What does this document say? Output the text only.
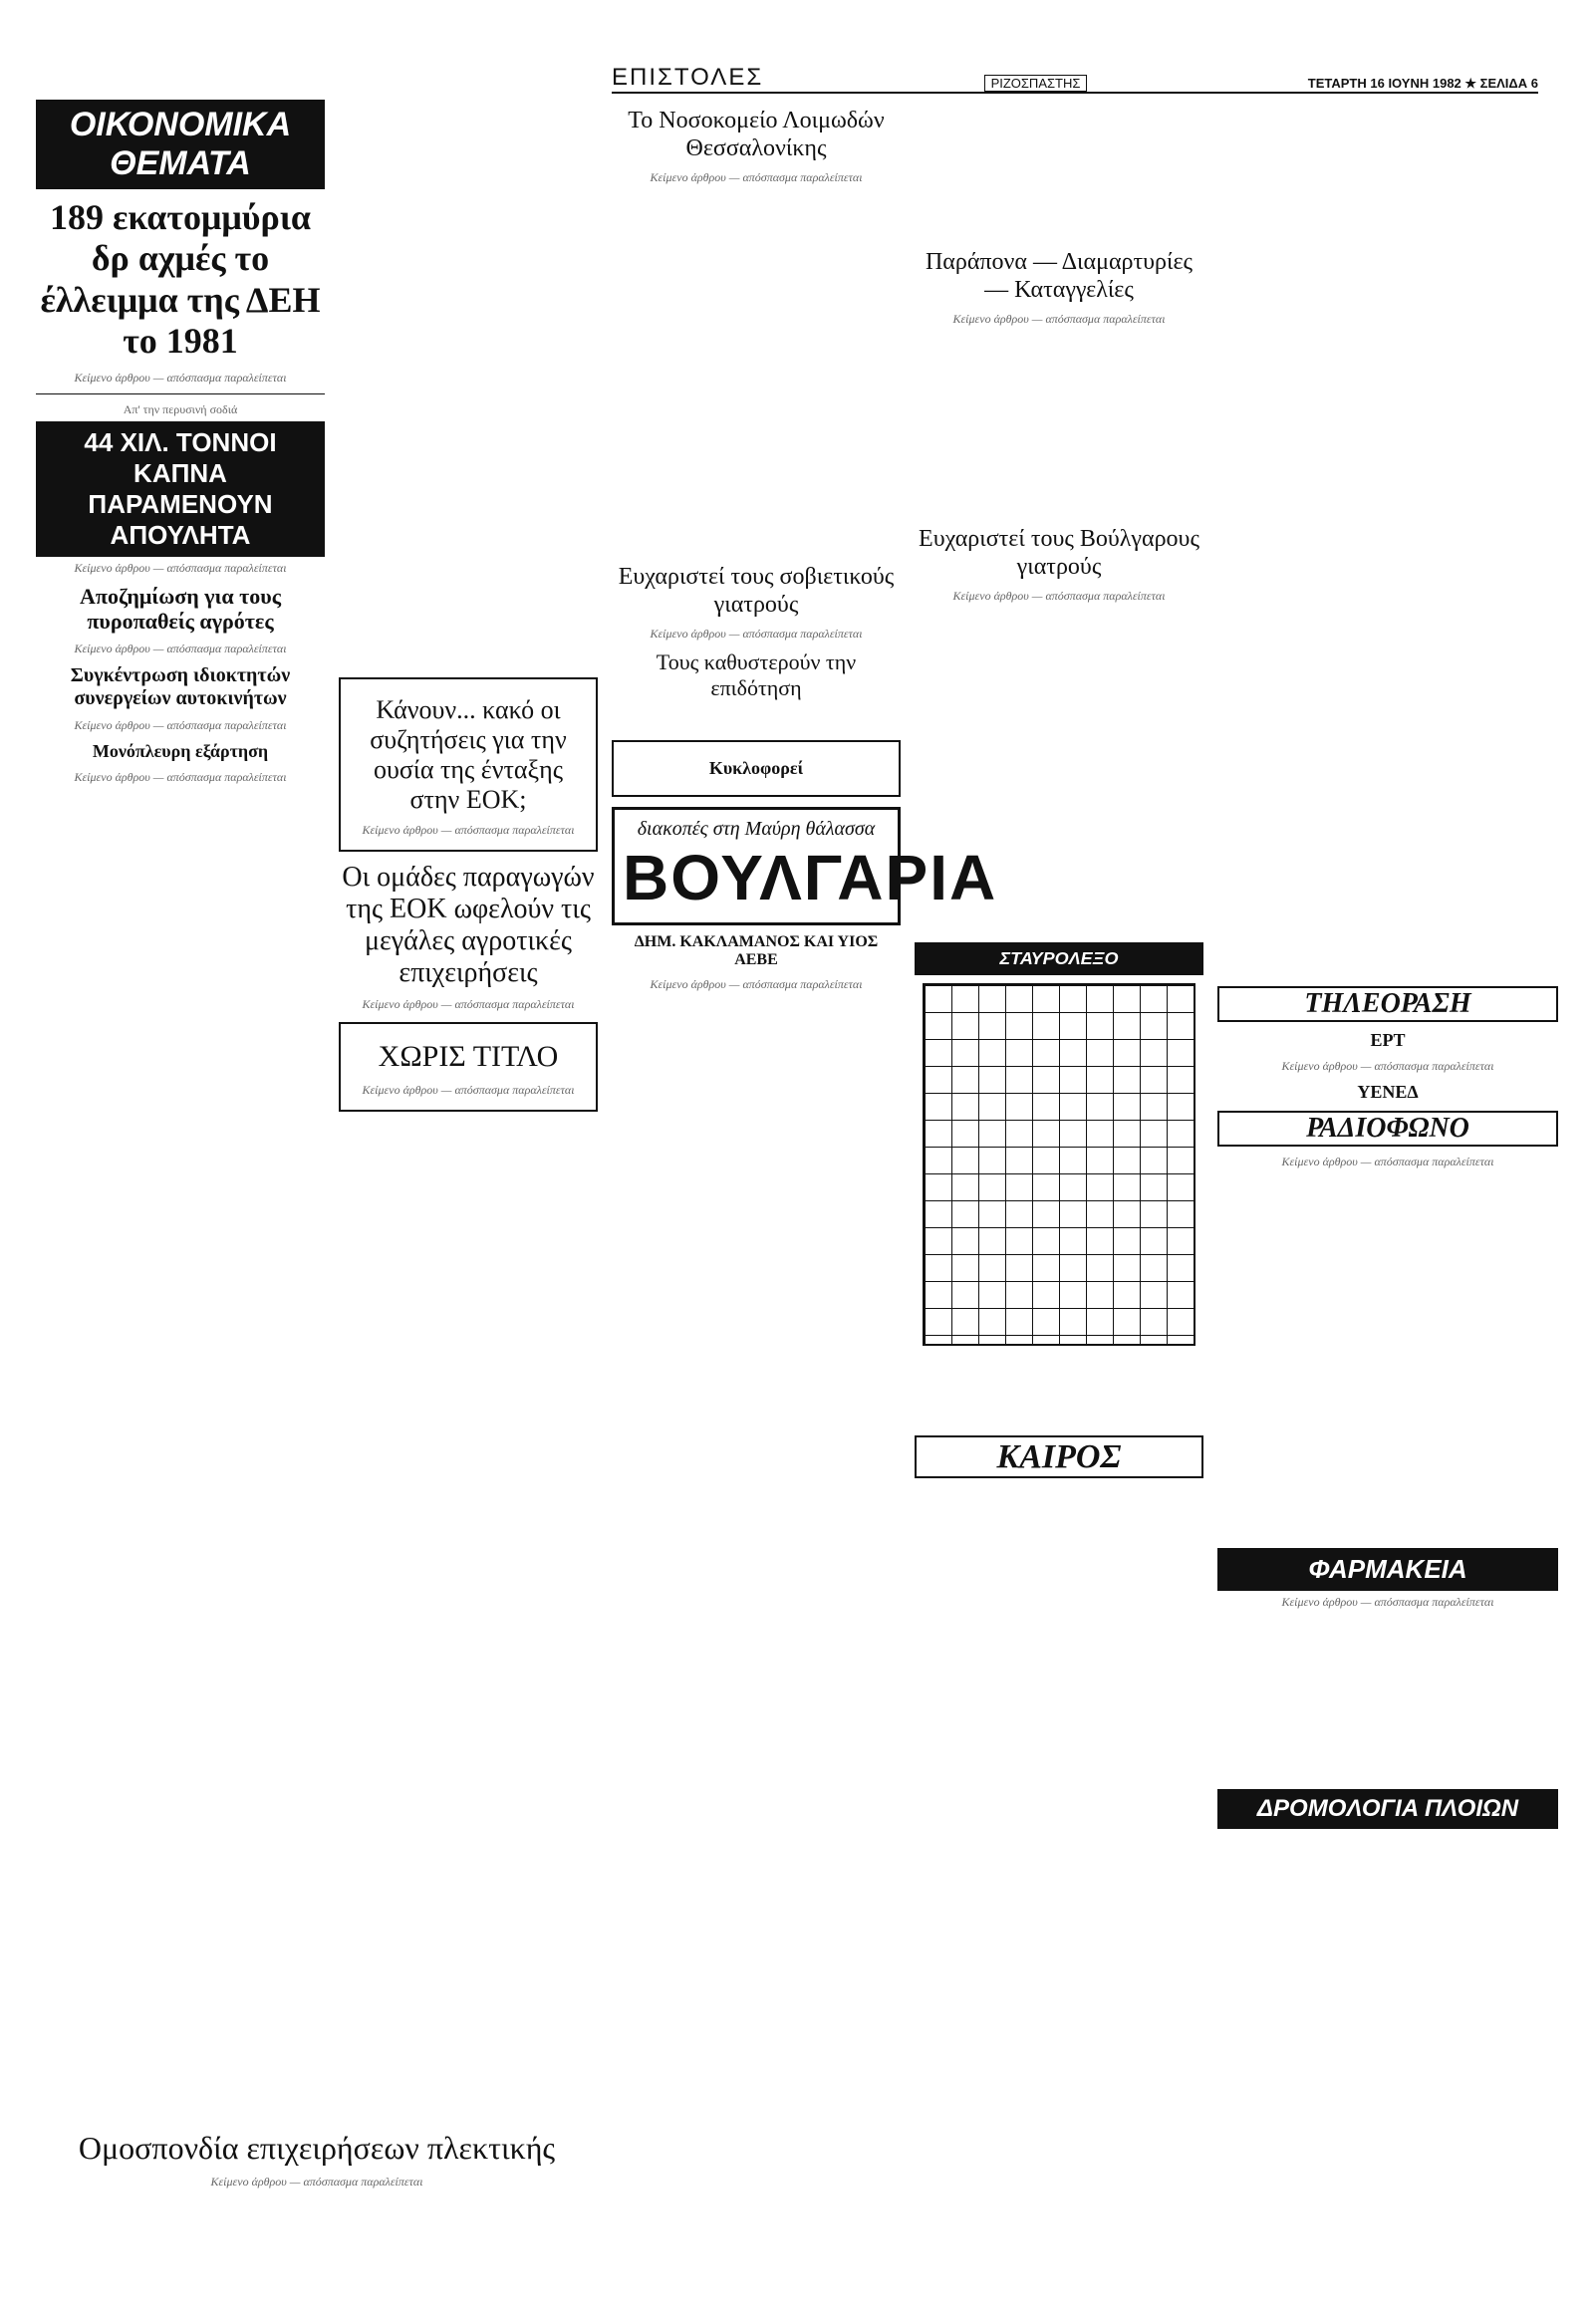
ΕΠΙΣΤΟΛΕΣ	ΡΙΖΟΣΠΑΣΤΗΣ	ΤΕΤΑΡΤΗ 16 ΙΟΥΝΗ 1982 ★ ΣΕΛΙΔΑ 6
ΟΙΚΟΝΟΜΙΚΑ ΘΕΜΑΤΑ
189 εκατομμύρια δρ αχμές το έλλειμμα της ΔΕΗ το 1981

Κείμενο άρθρου — απόσπασμα παραλείπεται

Απ' την περυσινή σοδιά

44 ΧΙΛ. ΤΟΝΝΟΙ ΚΑΠΝΑ ΠΑΡΑΜΕΝΟΥΝ ΑΠΟΥΛΗΤΑ

Κείμενο άρθρου — απόσπασμα παραλείπεται

Αποζημίωση για τους πυροπαθείς αγρότες

Κείμενο άρθρου — απόσπασμα παραλείπεται

Συγκέντρωση ιδιοκτητών συνεργείων αυτοκινήτων

Κείμενο άρθρου — απόσπασμα παραλείπεται

Μονόπλευρη εξάρτηση

Κείμενο άρθρου — απόσπασμα παραλείπεται

Κάνουν... κακό οι συζητήσεις για την ουσία της ένταξης στην ΕΟΚ;

Κείμενο άρθρου — απόσπασμα παραλείπεται

Οι ομάδες παραγωγών της ΕΟΚ ωφελούν τις μεγάλες αγροτικές επιχειρήσεις

Κείμενο άρθρου — απόσπασμα παραλείπεται

ΧΩΡΙΣ ΤΙΤΛΟ

Κείμενο άρθρου — απόσπασμα παραλείπεται

Ομοσπονδία επιχειρήσεων πλεκτικής

Κείμενο άρθρου — απόσπασμα παραλείπεται

Το Νοσοκομείο Λοιμωδών Θεσσαλονίκης

Κείμενο άρθρου — απόσπασμα παραλείπεται

Ευχαριστεί τους σοβιετικούς γιατρούς

Κείμενο άρθρου — απόσπασμα παραλείπεται

Τους καθυστερούν την επιδότηση
Κυκλοφορεί
διακοπές στη Μαύρη θάλασσα
ΒΟΥΛΓΑΡΙΑ
ΔΗΜ. ΚΑΚΛΑΜΑΝΟΣ ΚΑΙ ΥΙΟΣ ΑΕΒΕ

Κείμενο άρθρου — απόσπασμα παραλείπεται

Παράπονα — Διαμαρτυρίες — Καταγγελίες

Κείμενο άρθρου — απόσπασμα παραλείπεται

Ευχαριστεί τους Βούλγαρους γιατρούς

Κείμενο άρθρου — απόσπασμα παραλείπεται

ΣΤΑΥΡΟΛΕΞΟ
ΚΑΙΡΟΣ
ΤΗΛΕΟΡΑΣΗ
ΕΡΤ

Κείμενο άρθρου — απόσπασμα παραλείπεται

ΥΕΝΕΔ
ΡΑΔΙΟΦΩΝΟ

Κείμενο άρθρου — απόσπασμα παραλείπεται

ΦΑΡΜΑΚΕΙΑ

Κείμενο άρθρου — απόσπασμα παραλείπεται

ΔΡΟΜΟΛΟΓΙΑ ΠΛΟΙΩΝ
